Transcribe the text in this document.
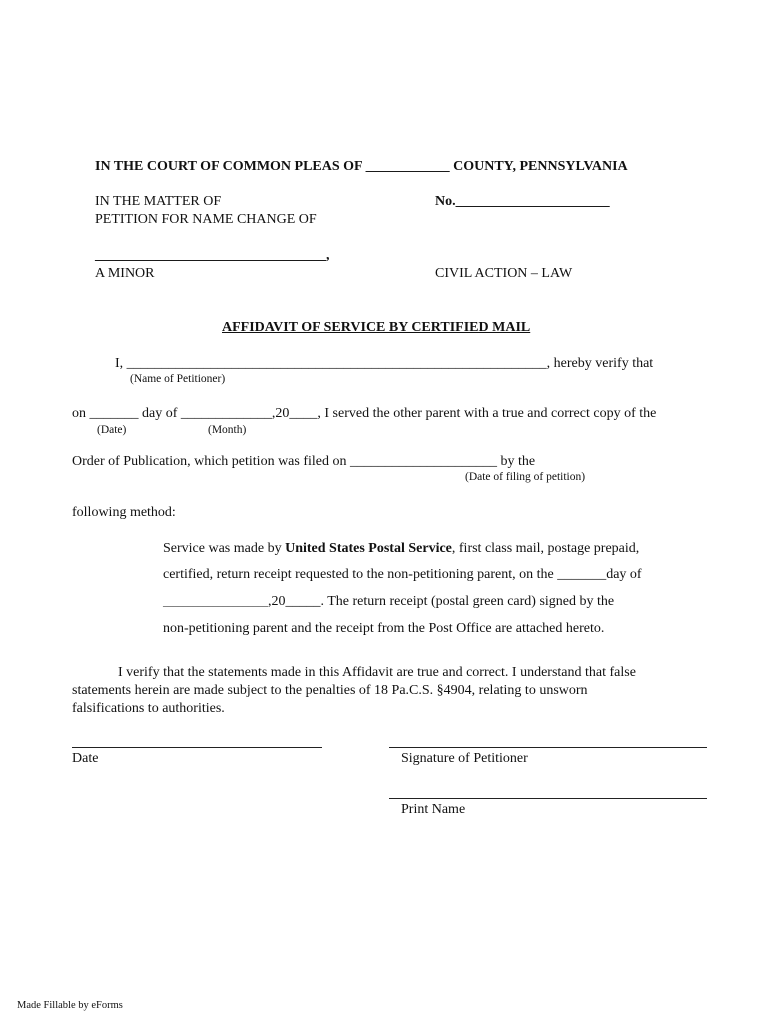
IN THE COURT OF COMMON PLEAS OF ____________ COUNTY, PENNSYLVANIA
IN THE MATTER OF
PETITION FOR NAME CHANGE OF
No.______________________
_________________________________,
A MINOR	CIVIL ACTION – LAW
AFFIDAVIT OF SERVICE BY CERTIFIED MAIL
I, ____________________________________________________________, hereby verify that
(Name of Petitioner)
on _______ day of _____________,20____, I served the other parent with a true and correct copy of the
(Date)	(Month)
Order of Publication, which petition was filed on _____________________ by the
(Date of filing of petition)
following method:
Service was made by United States Postal Service, first class mail, postage prepaid,
certified, return receipt requested to the non-petitioning parent, on the _______day of
_____________________,20_____. The return receipt (postal green card) signed by the
non-petitioning parent and the receipt from the Post Office are attached hereto.
I verify that the statements made in this Affidavit are true and correct. I understand that false
statements herein are made subject to the penalties of 18 Pa.C.S. §4904, relating to unsworn
falsifications to authorities.
Date	Signature of Petitioner
Print Name
Made Fillable by eForms
